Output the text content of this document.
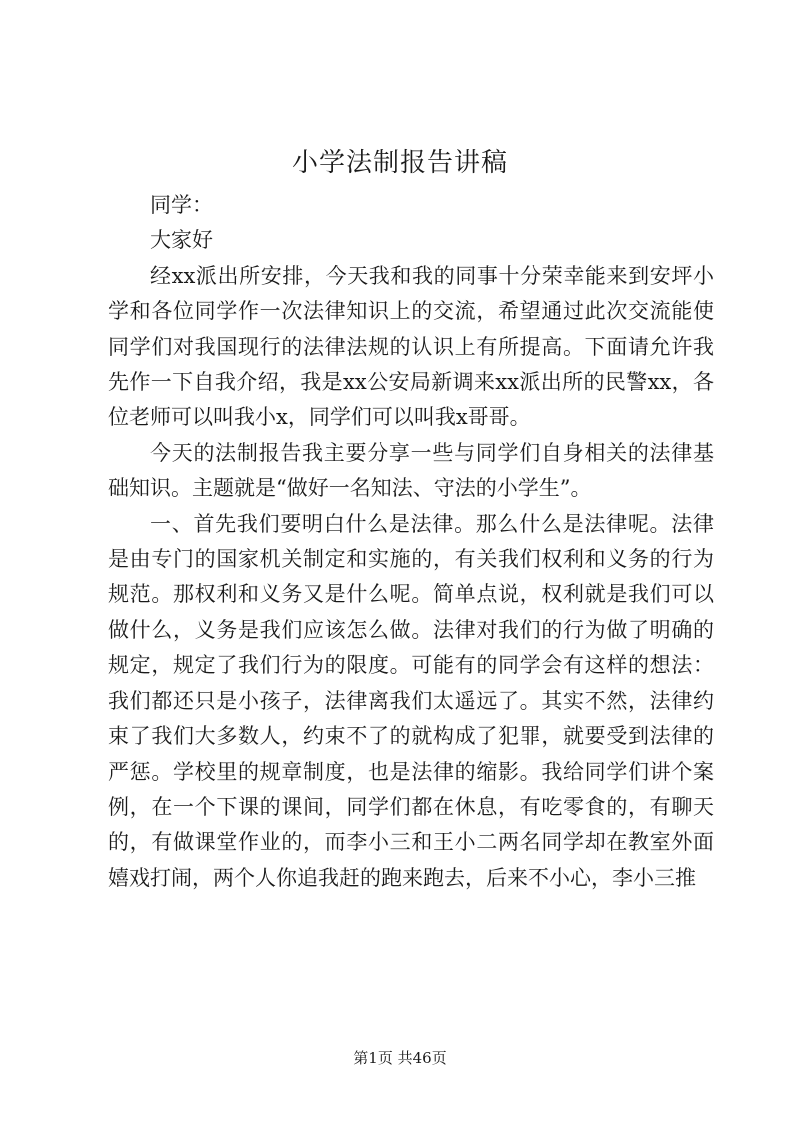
小学法制报告讲稿

同学：

大家好

经xx派出所安排，今天我和我的同事十分荣幸能来到安坪小学和各位同学作一次法律知识上的交流，希望通过此次交流能使同学们对我国现行的法律法规的认识上有所提高。下面请允许我先作一下自我介绍，我是xx公安局新调来xx派出所的民警xx，各位老师可以叫我小x，同学们可以叫我x哥哥。

今天的法制报告我主要分享一些与同学们自身相关的法律基础知识。主题就是“做好一名知法、守法的小学生”。

一、首先我们要明白什么是法律。那么什么是法律呢。法律是由专门的国家机关制定和实施的，有关我们权利和义务的行为规范。那权利和义务又是什么呢。简单点说，权利就是我们可以做什么，义务是我们应该怎么做。法律对我们的行为做了明确的规定，规定了我们行为的限度。可能有的同学会有这样的想法：我们都还只是小孩子，法律离我们太遥远了。其实不然，法律约束了我们大多数人，约束不了的就构成了犯罪，就要受到法律的严惩。学校里的规章制度，也是法律的缩影。我给同学们讲个案例，在一个下课的课间，同学们都在休息，有吃零食的，有聊天的，有做课堂作业的，而李小三和王小二两名同学却在教室外面嬉戏打闹，两个人你追我赶的跑来跑去，后来不小心，李小三推

第1页 共46页
